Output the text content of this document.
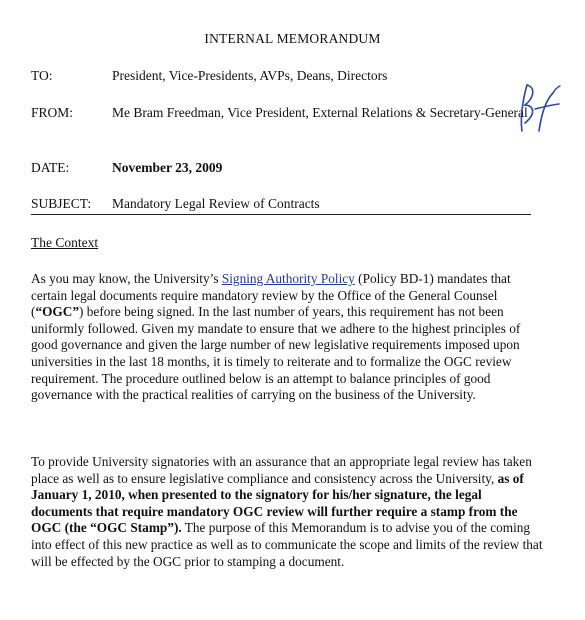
INTERNAL MEMORANDUM
TO:	President, Vice-Presidents, AVPs, Deans, Directors
FROM:	Me Bram Freedman, Vice President, External Relations & Secretary-General
DATE:	November 23, 2009
SUBJECT:	Mandatory Legal Review of Contracts
The Context

As you may know, the University’s Signing Authority Policy (Policy BD-1) mandates that certain legal documents require mandatory review by the Office of the General Counsel (“OGC”) before being signed. In the last number of years, this requirement has not been uniformly followed. Given my mandate to ensure that we adhere to the highest principles of good governance and given the large number of new legislative requirements imposed upon universities in the last 18 months, it is timely to reiterate and to formalize the OGC review requirement. The procedure outlined below is an attempt to balance principles of good governance with the practical realities of carrying on the business of the University.

To provide University signatories with an assurance that an appropriate legal review has taken place as well as to ensure legislative compliance and consistency across the University, as of January 1, 2010, when presented to the signatory for his/her signature, the legal documents that require mandatory OGC review will further require a stamp from the OGC (the “OGC Stamp”). The purpose of this Memorandum is to advise you of the coming into effect of this new practice as well as to communicate the scope and limits of the review that will be effected by the OGC prior to stamping a document.
